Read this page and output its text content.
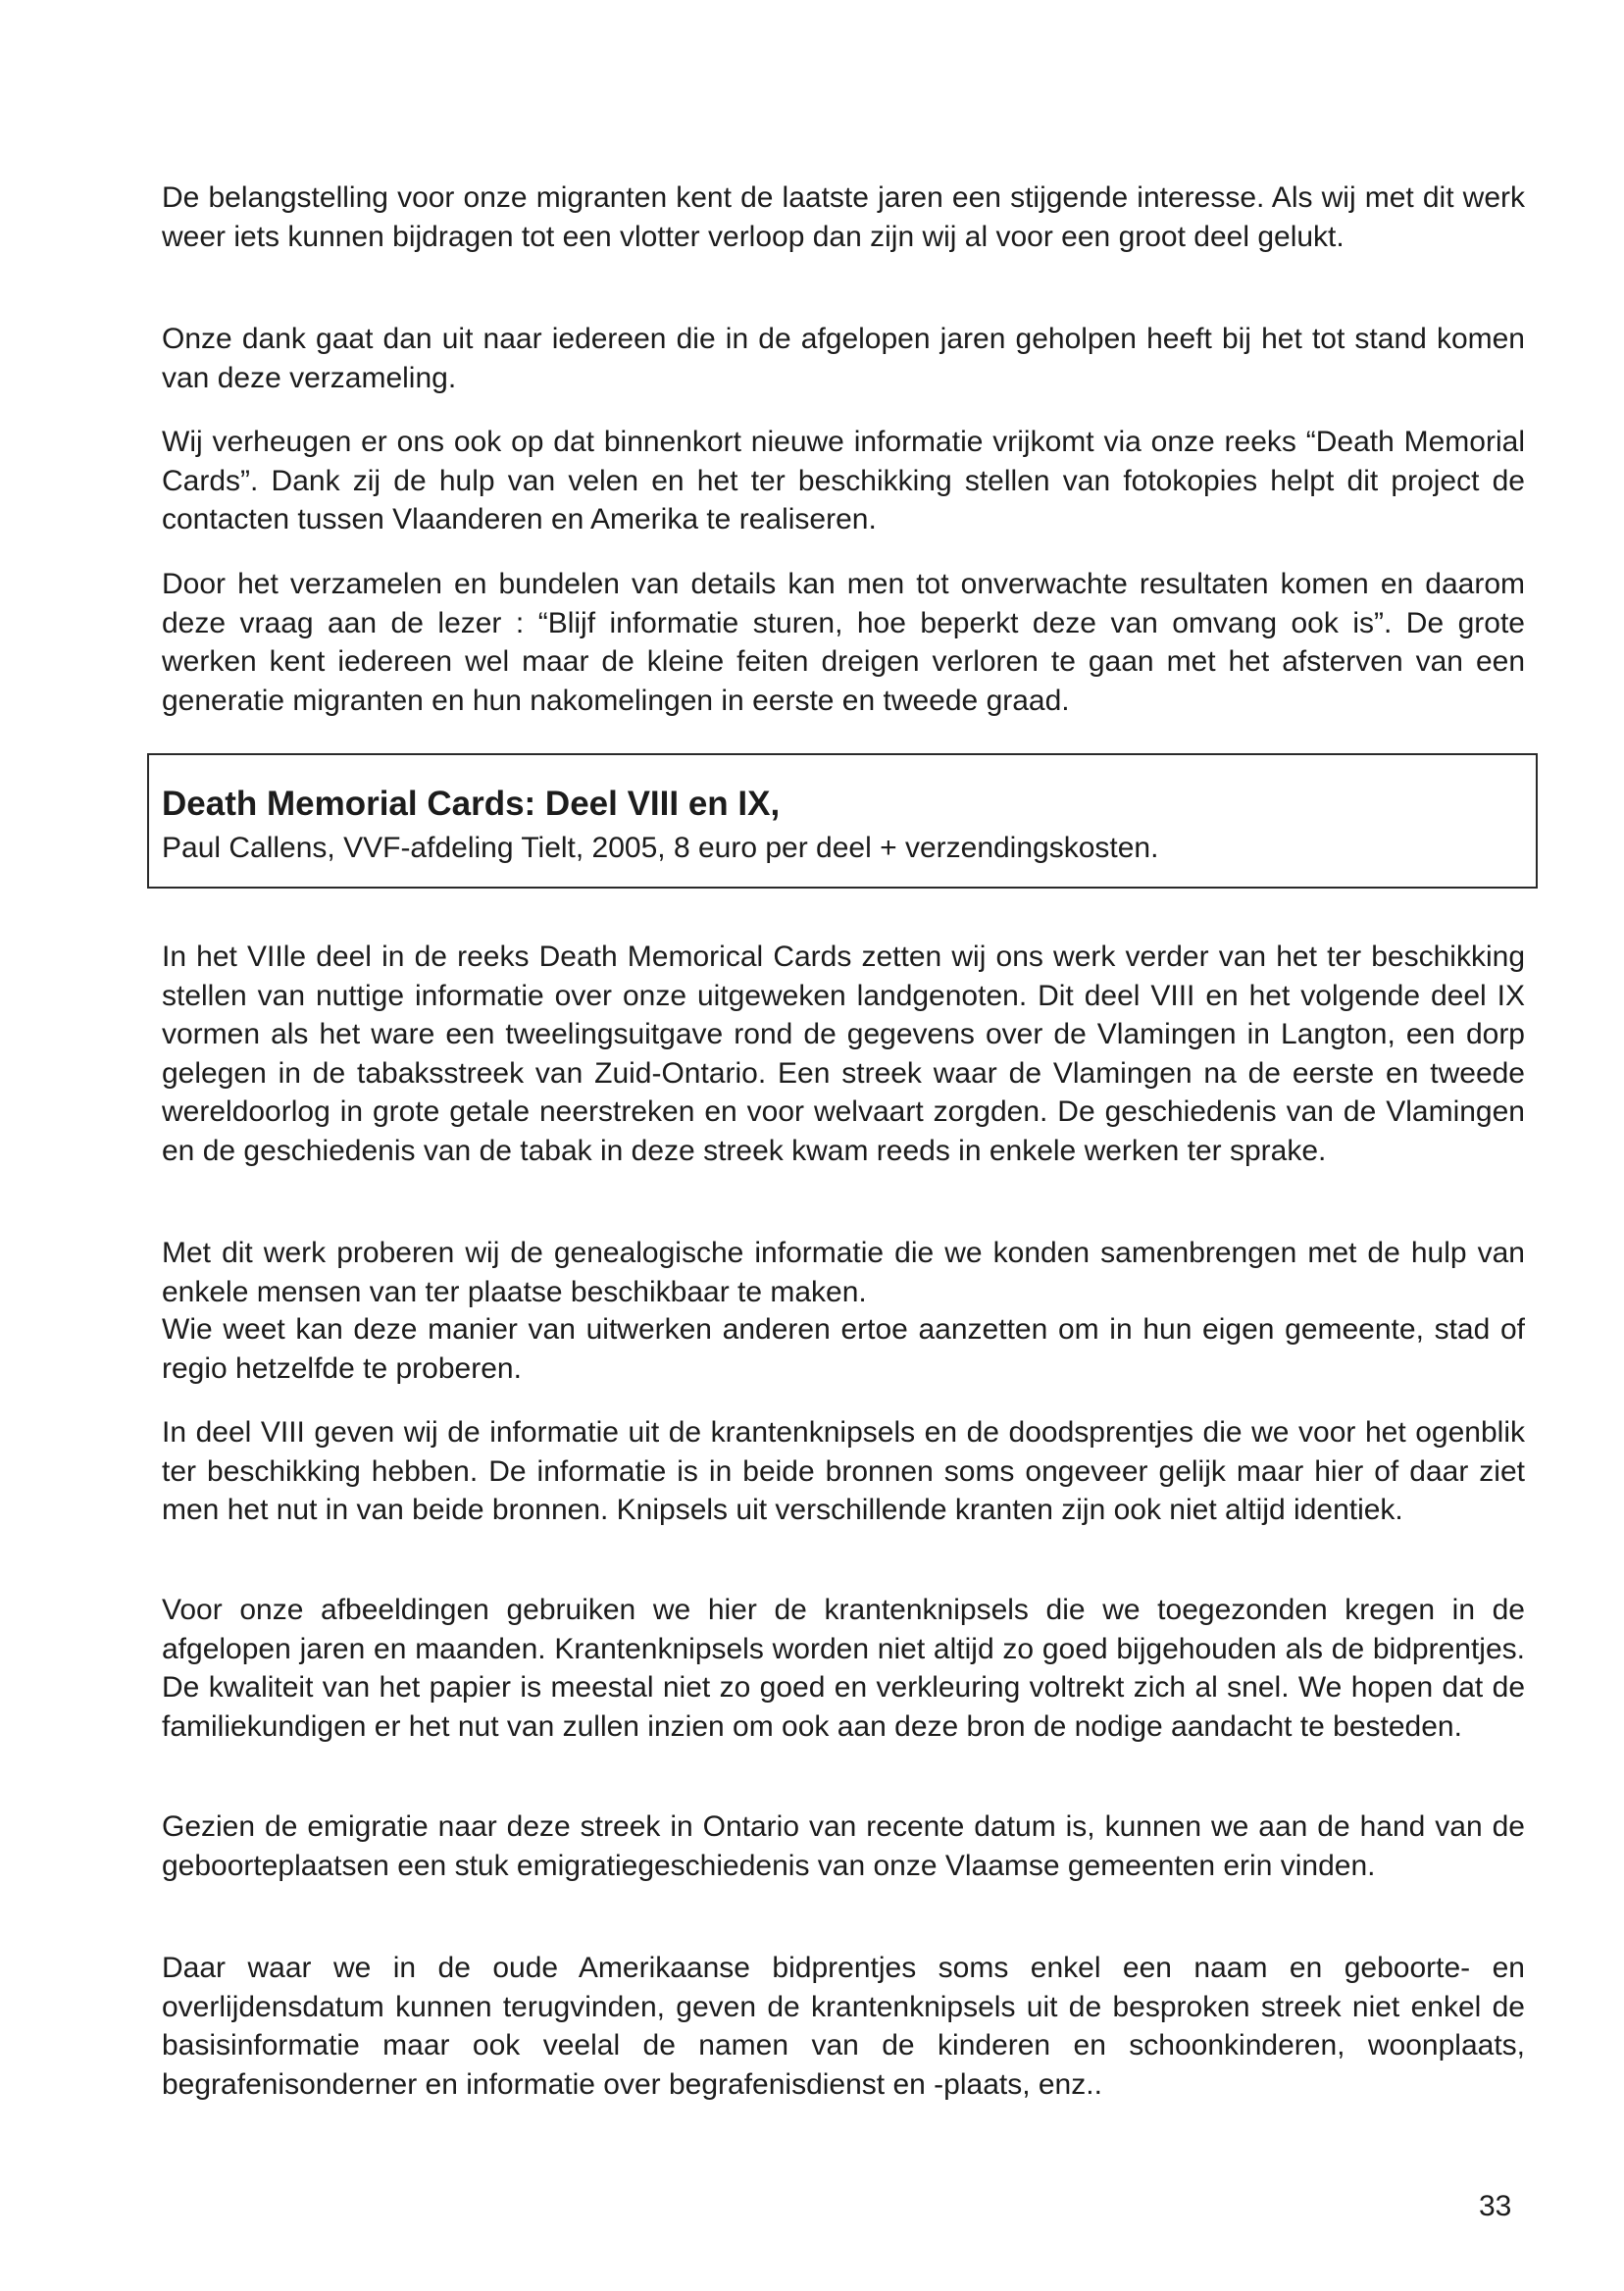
De belangstelling voor onze migranten kent de laatste jaren een stijgende interesse. Als wij met dit werk weer iets kunnen bijdragen tot een vlotter verloop dan zijn wij al voor een groot deel gelukt.

Onze dank gaat dan uit naar iedereen die in de afgelopen jaren geholpen heeft bij het tot stand komen van deze verzameling.

Wij verheugen er ons ook op dat binnenkort nieuwe informatie vrijkomt via onze reeks “Death Memorial Cards”. Dank zij de hulp van velen en het ter beschikking stellen van fotokopies helpt dit project de contacten tussen Vlaanderen en Amerika te realiseren.

Door het verzamelen en bundelen van details kan men tot onverwachte resultaten komen en daarom deze vraag aan de lezer : “Blijf informatie sturen, hoe beperkt deze van omvang ook is”. De grote werken kent iedereen wel maar de kleine feiten dreigen verloren te gaan met het afsterven van een generatie migranten en hun nakomelingen in eerste en tweede graad.

Death Memorial Cards: Deel VIII en IX,

Paul Callens, VVF-afdeling Tielt, 2005, 8 euro per deel + verzendingskosten.

In het VIIle deel in de reeks Death Memorical Cards zetten wij ons werk verder van het ter beschikking stellen van nuttige informatie over onze uitgeweken landgenoten. Dit deel VIII en het volgende deel IX vormen als het ware een tweelingsuitgave rond de gegevens over de Vlamingen in Langton, een dorp gelegen in de tabaksstreek van Zuid-Ontario. Een streek waar de Vlamingen na de eerste en tweede wereldoorlog in grote getale neerstreken en voor welvaart zorgden. De geschiedenis van de Vlamingen en de geschiedenis van de tabak in deze streek kwam reeds in enkele werken ter sprake.

Met dit werk proberen wij de genealogische informatie die we konden samenbrengen met de hulp van enkele mensen van ter plaatse beschikbaar te maken.

Wie weet kan deze manier van uitwerken anderen ertoe aanzetten om in hun eigen gemeente, stad of regio hetzelfde te proberen.

In deel VIII geven wij de informatie uit de krantenknipsels en de doodsprentjes die we voor het ogenblik ter beschikking hebben. De informatie is in beide bronnen soms ongeveer gelijk maar hier of daar ziet men het nut in van beide bronnen. Knipsels uit verschillende kranten zijn ook niet altijd identiek.

Voor onze afbeeldingen gebruiken we hier de krantenknipsels die we toegezonden kregen in de afgelopen jaren en maanden. Krantenknipsels worden niet altijd zo goed bijgehouden als de bidprentjes. De kwaliteit van het papier is meestal niet zo goed en verkleuring voltrekt zich al snel. We hopen dat de familiekundigen er het nut van zullen inzien om ook aan deze bron de nodige aandacht te besteden.

Gezien de emigratie naar deze streek in Ontario van recente datum is, kunnen we aan de hand van de geboorteplaatsen een stuk emigratiegeschiedenis van onze Vlaamse gemeenten erin vinden.

Daar waar we in de oude Amerikaanse bidprentjes soms enkel een naam en geboorte- en overlijdensdatum kunnen terugvinden, geven de krantenknipsels uit de besproken streek niet enkel de basisinformatie maar ook veelal de namen van de kinderen en schoonkinderen, woonplaats, begrafenisonderner en informatie over begrafenisdienst en -plaats, enz..

33
